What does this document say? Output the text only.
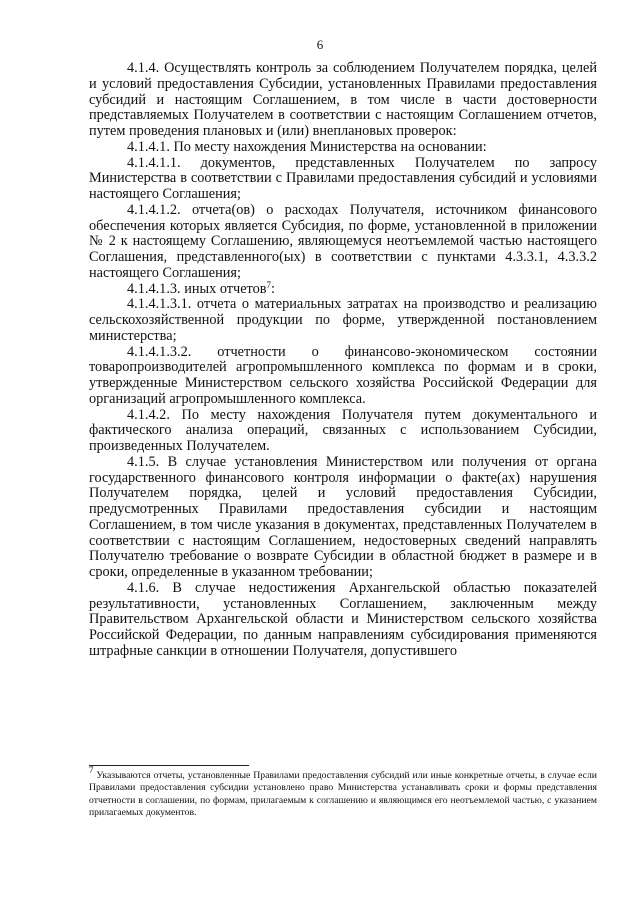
6

4.1.4. Осуществлять контроль за соблюдением Получателем порядка, целей и условий предоставления Субсидии, установленных Правилами предоставления субсидий и настоящим Соглашением, в том числе в части достоверности представляемых Получателем в соответствии с настоящим Соглашением отчетов, путем проведения плановых и (или) внеплановых проверок:

4.1.4.1. По месту нахождения Министерства на основании:

4.1.4.1.1. документов, представленных Получателем по запросу Министерства в соответствии с Правилами предоставления субсидий и условиями настоящего Соглашения;

4.1.4.1.2. отчета(ов) о расходах Получателя, источником финансового обеспечения которых является Субсидия, по форме, установленной в приложении № 2 к настоящему Соглашению, являющемуся неотъемлемой частью настоящего Соглашения, представленного(ых) в соответствии с пунктами 4.3.3.1, 4.3.3.2 настоящего Соглашения;

4.1.4.1.3. иных отчетов$^7$:

4.1.4.1.3.1. отчета о материальных затратах на производство и реализацию сельскохозяйственной продукции по форме, утвержденной постановлением министерства;

4.1.4.1.3.2. отчетности о финансово-экономическом состоянии товаропроизводителей агропромышленного комплекса по формам и в сроки, утвержденные Министерством сельского хозяйства Российской Федерации для организаций агропромышленного комплекса.

4.1.4.2. По месту нахождения Получателя путем документального и фактического анализа операций, связанных с использованием Субсидии, произведенных Получателем.

4.1.5. В случае установления Министерством или получения от органа государственного финансового контроля информации о факте(ах) нарушения Получателем порядка, целей и условий предоставления Субсидии, предусмотренных Правилами предоставления субсидии и настоящим Соглашением, в том числе указания в документах, представленных Получателем в соответствии с настоящим Соглашением, недостоверных сведений направлять Получателю требование о возврате Субсидии в областной бюджет в размере и в сроки, определенные в указанном требовании;

4.1.6. В случае недостижения Архангельской областью показателей результативности, установленных Соглашением, заключенным между Правительством Архангельской области и Министерством сельского хозяйства Российской Федерации, по данным направлениям субсидирования применяются штрафные санкции в отношении Получателя, допустившего

$^7$ Указываются отчеты, установленные Правилами предоставления субсидий или иные конкретные отчеты, в случае если Правилами предоставления субсидии установлено право Министерства устанавливать сроки и формы представления отчетности в соглашении, по формам, прилагаемым к соглашению и являющимся его неотъемлемой частью, с указанием прилагаемых документов.
